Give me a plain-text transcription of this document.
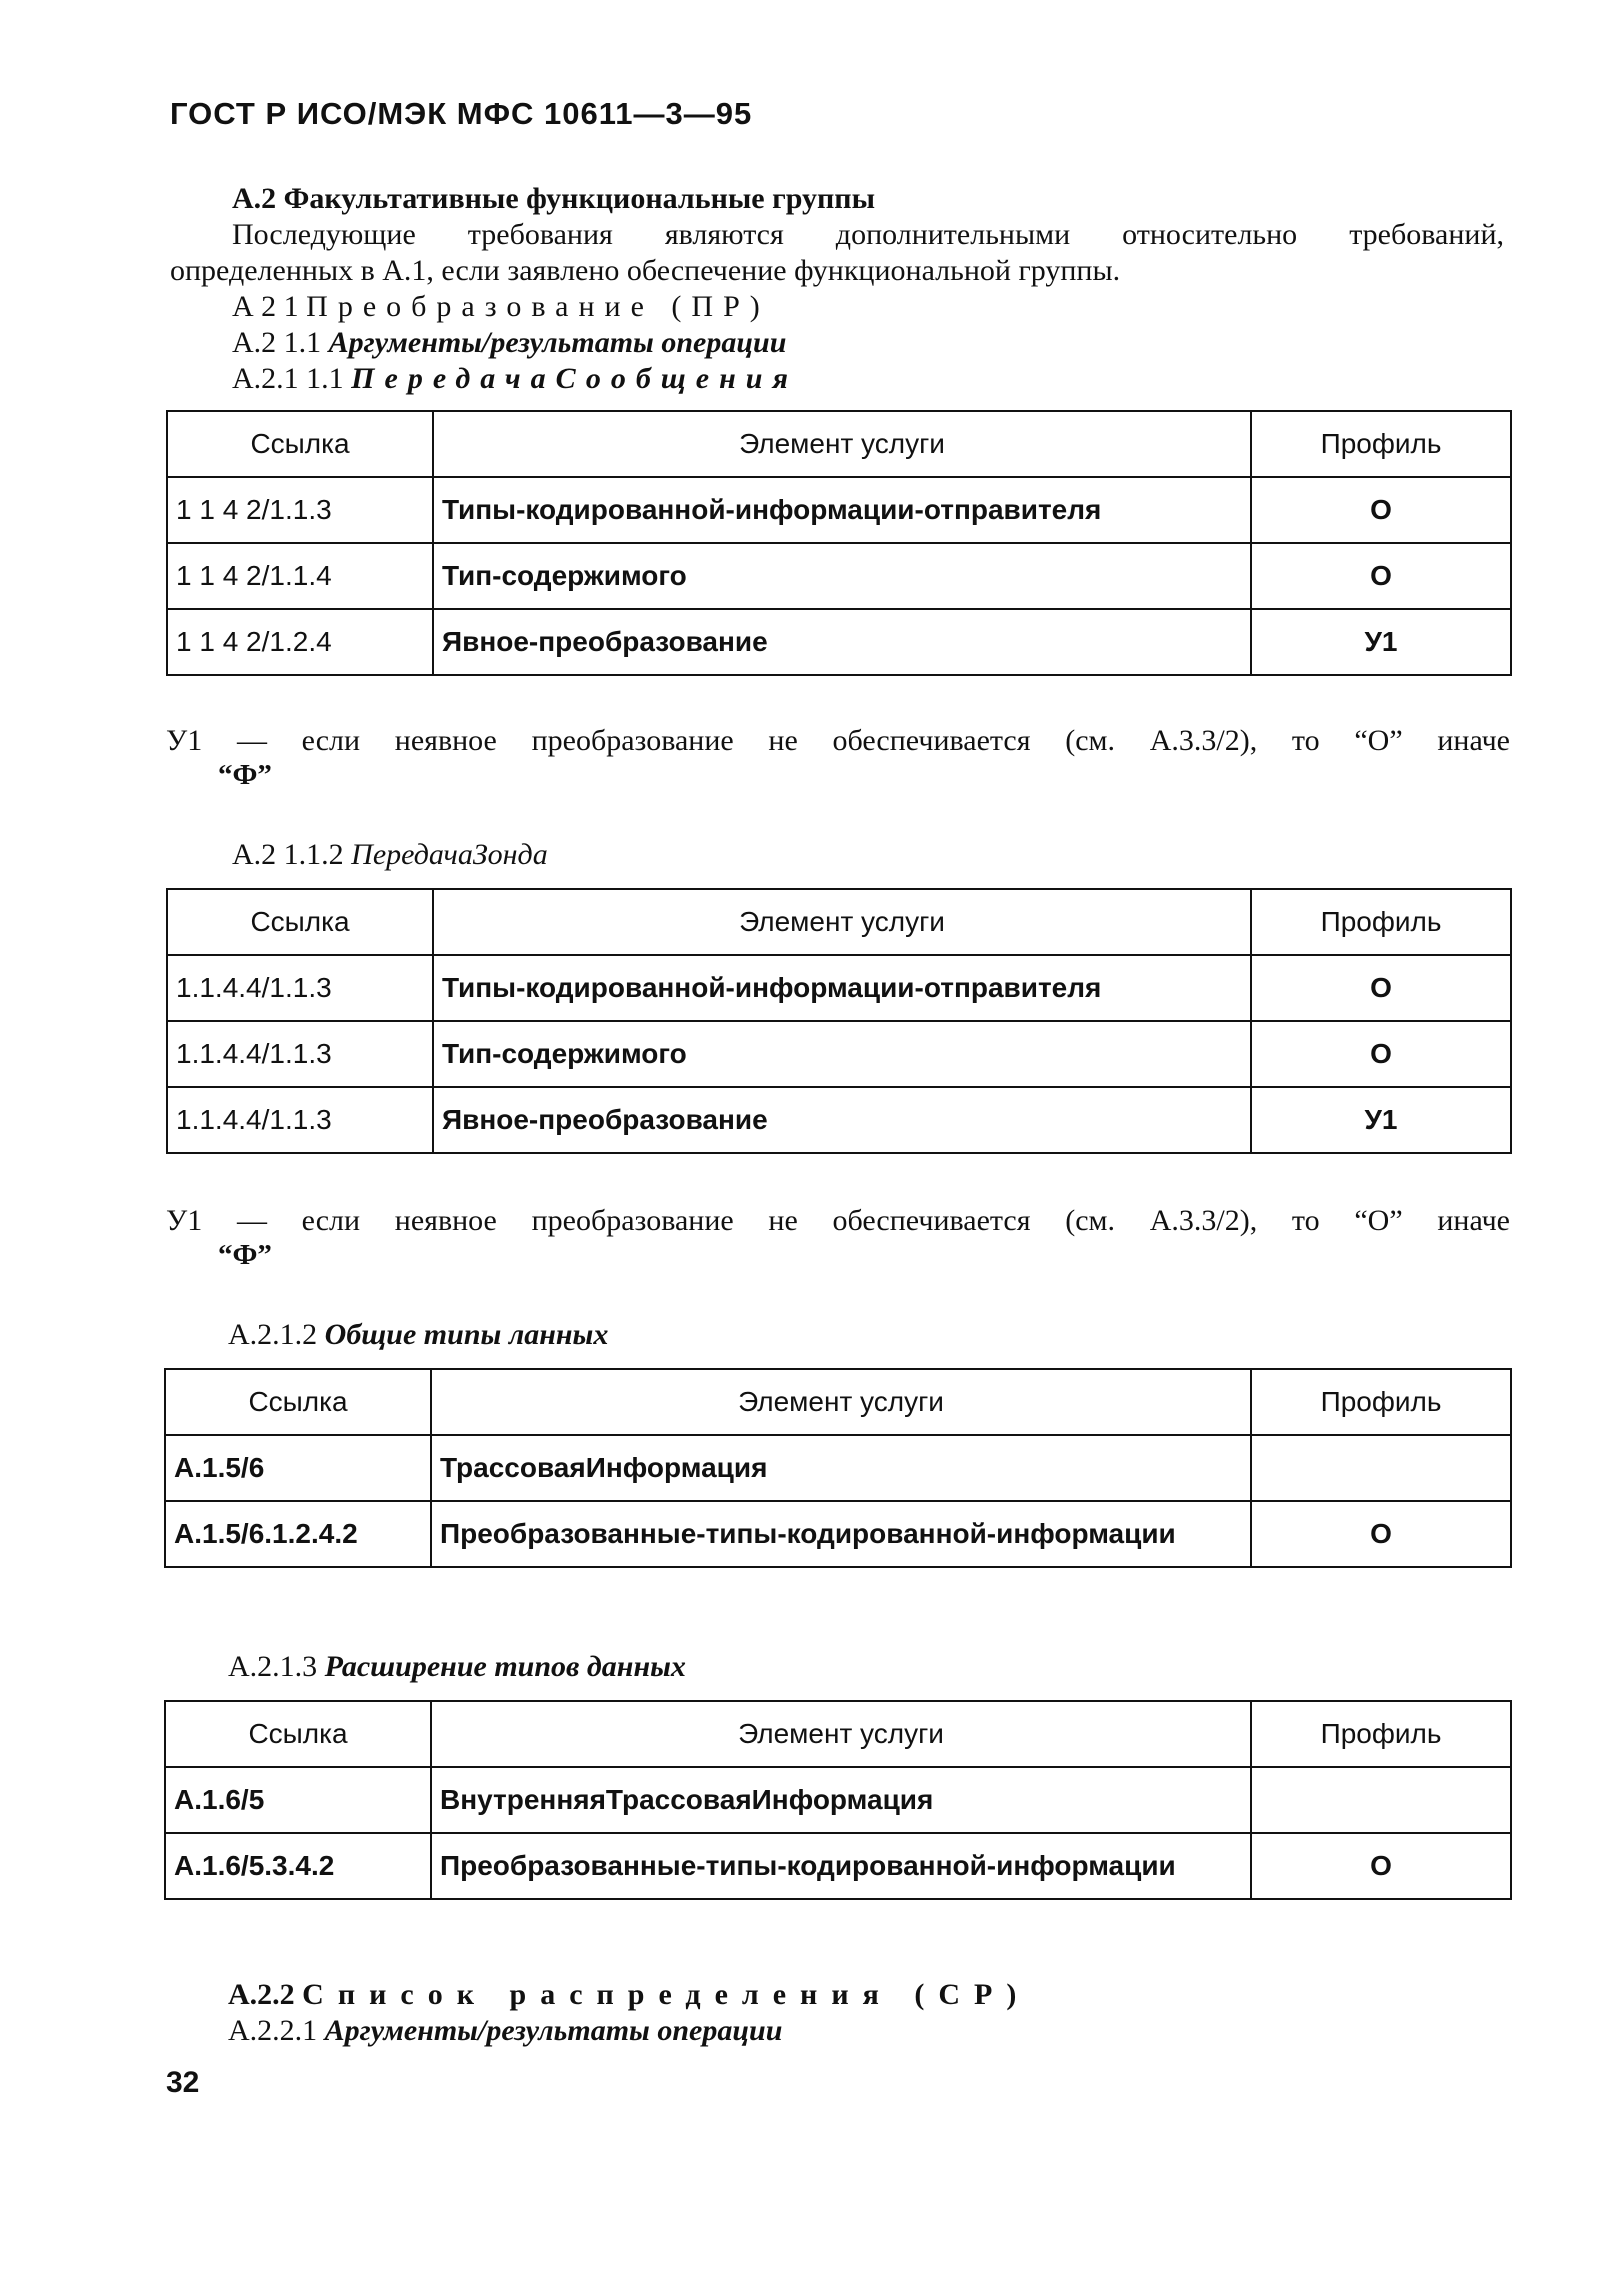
ГОСТ Р ИСО/МЭК МФС 10611—3—95
А.2 Факультативные функциональные группы
Последующие требования являются дополнительными относительно требований,
определенных в А.1, если заявлено обеспечение функциональной группы.
А 2 1 Преобразование (ПР)
А.2 1.1 Аргументы/результаты операции
А.2.1 1.1 ПередачаСообщения
Ссылка	Элемент услуги	Профиль
1 1 4 2/1.1.3	Типы-кодированной-информации-отправителя	О
1 1 4 2/1.1.4	Тип-содержимого	О
1 1 4 2/1.2.4	Явное-преобразование	У1
У1 — если неявное преобразование не обеспечивается (см. А.3.3/2), то “О” иначе
“Ф”
А.2 1.1.2 ПередачаЗонда
Ссылка	Элемент услуги	Профиль
1.1.4.4/1.1.3	Типы-кодированной-информации-отправителя	О
1.1.4.4/1.1.3	Тип-содержимого	О
1.1.4.4/1.1.3	Явное-преобразование	У1
У1 — если неявное преобразование не обеспечивается (см. А.3.3/2), то “О” иначе
“Ф”
А.2.1.2 Общие типы ланных
Ссылка	Элемент услуги	Профиль
А.1.5/6	ТрассоваяИнформация	
А.1.5/6.1.2.4.2	Преобразованные-типы-кодированной-информации	О
А.2.1.3 Расширение типов данных
Ссылка	Элемент услуги	Профиль
А.1.6/5	ВнутренняяТрассоваяИнформация	
А.1.6/5.3.4.2	Преобразованные-типы-кодированной-информации	О
А.2.2 Список распределения (СР)
А.2.2.1 Аргументы/результаты операции
32
